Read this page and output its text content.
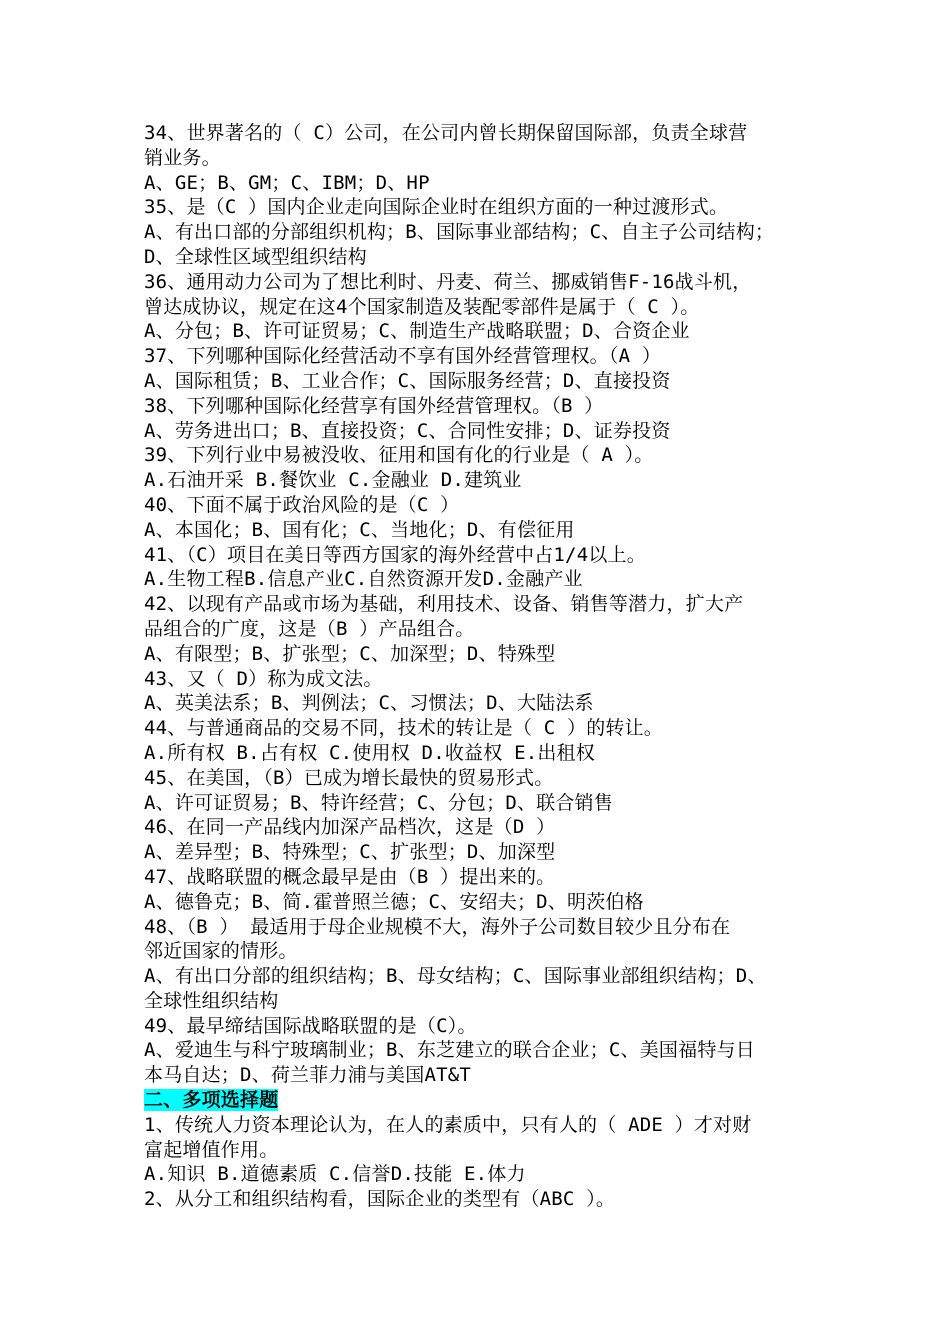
34、世界著名的（ C）公司，在公司内曾长期保留国际部，负责全球营
销业务。
A、GE；B、GM；C、IBM；D、HP
35、是（C ）国内企业走向国际企业时在组织方面的一种过渡形式。
A、有出口部的分部组织机构；B、国际事业部结构；C、自主子公司结构；
D、全球性区域型组织结构
36、通用动力公司为了想比利时、丹麦、荷兰、挪威销售F-16战斗机，
曾达成协议，规定在这4个国家制造及装配零部件是属于（ C ）。
A、分包；B、许可证贸易；C、制造生产战略联盟；D、合资企业
37、下列哪种国际化经营活动不享有国外经营管理权。（A ）
A、国际租赁；B、工业合作；C、国际服务经营；D、直接投资
38、下列哪种国际化经营享有国外经营管理权。（B ）
A、劳务进出口；B、直接投资；C、合同性安排；D、证券投资
39、下列行业中易被没收、征用和国有化的行业是（ A ）。
A.石油开采 B.餐饮业 C.金融业 D.建筑业
40、下面不属于政治风险的是（C ）
A、本国化；B、国有化；C、当地化；D、有偿征用
41、（C）项目在美日等西方国家的海外经营中占1/4以上。
A.生物工程B.信息产业C.自然资源开发D.金融产业
42、以现有产品或市场为基础，利用技术、设备、销售等潜力，扩大产
品组合的广度，这是（B ）产品组合。
A、有限型；B、扩张型；C、加深型；D、特殊型
43、又（ D）称为成文法。
A、英美法系；B、判例法；C、习惯法；D、大陆法系
44、与普通商品的交易不同，技术的转让是（ C ）的转让。
A.所有权 B.占有权 C.使用权 D.收益权 E.出租权
45、在美国，（B）已成为增长最快的贸易形式。
A、许可证贸易；B、特许经营；C、分包；D、联合销售
46、在同一产品线内加深产品档次，这是（D ）
A、差异型；B、特殊型；C、扩张型；D、加深型
47、战略联盟的概念最早是由（B ）提出来的。
A、德鲁克；B、简.霍普照兰德；C、安绍夫；D、明茨伯格
48、（B ） 最适用于母企业规模不大，海外子公司数目较少且分布在
邻近国家的情形。
A、有出口分部的组织结构；B、母女结构；C、国际事业部组织结构；D、
全球性组织结构
49、最早缔结国际战略联盟的是（C）。
A、爱迪生与科宁玻璃制业；B、东芝建立的联合企业；C、美国福特与日
本马自达；D、荷兰菲力浦与美国AT&T
二、多项选择题
1、传统人力资本理论认为，在人的素质中，只有人的（ ADE ）才对财
富起增值作用。
A.知识 B.道德素质 C.信誉D.技能 E.体力
2、从分工和组织结构看，国际企业的类型有（ABC ）。
